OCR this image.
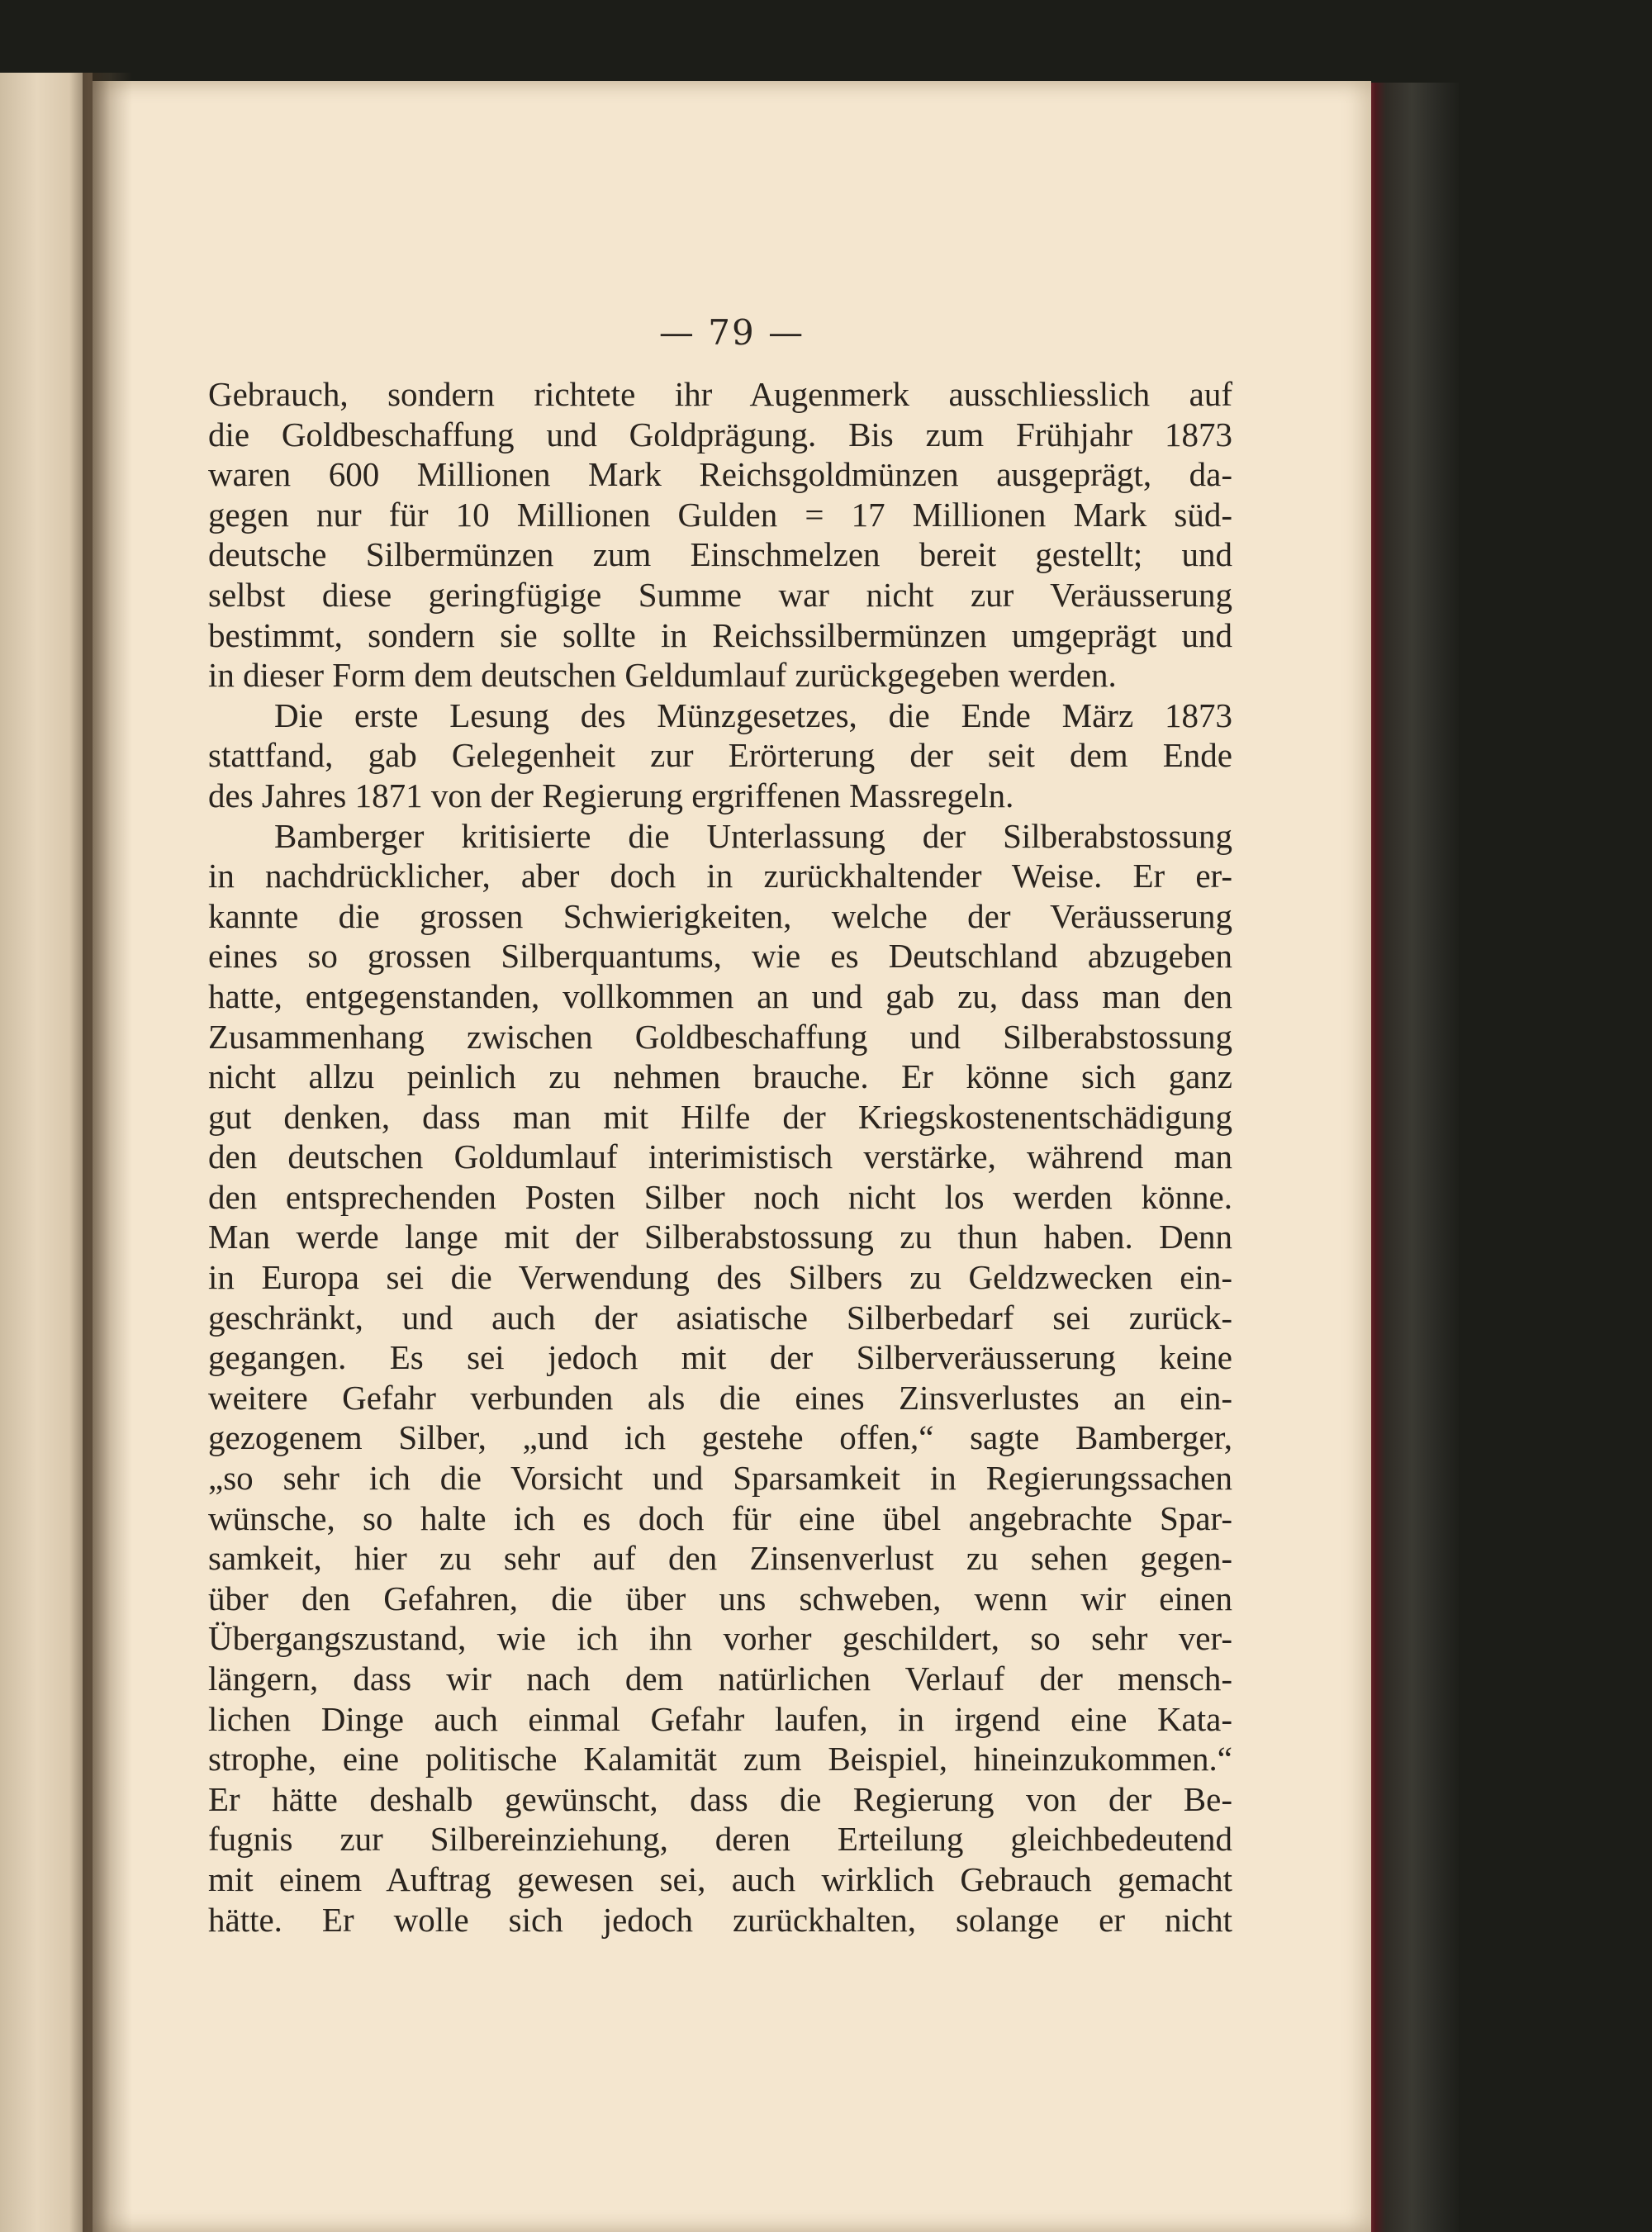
— 79 —
Gebrauch, sondern richtete ihr Augenmerk ausschliesslich auf
die Goldbeschaffung und Goldprägung. Bis zum Frühjahr 1873
waren 600 Millionen Mark Reichsgoldmünzen ausgeprägt, da-
gegen nur für 10 Millionen Gulden = 17 Millionen Mark süd-
deutsche Silbermünzen zum Einschmelzen bereit gestellt; und
selbst diese geringfügige Summe war nicht zur Veräusserung
bestimmt, sondern sie sollte in Reichssilbermünzen umgeprägt und
in dieser Form dem deutschen Geldumlauf zurückgegeben werden.
Die erste Lesung des Münzgesetzes, die Ende März 1873
stattfand, gab Gelegenheit zur Erörterung der seit dem Ende
des Jahres 1871 von der Regierung ergriffenen Massregeln.
Bamberger kritisierte die Unterlassung der Silberabstossung
in nachdrücklicher, aber doch in zurückhaltender Weise. Er er-
kannte die grossen Schwierigkeiten, welche der Veräusserung
eines so grossen Silberquantums, wie es Deutschland abzugeben
hatte, entgegenstanden, vollkommen an und gab zu, dass man den
Zusammenhang zwischen Goldbeschaffung und Silberabstossung
nicht allzu peinlich zu nehmen brauche. Er könne sich ganz
gut denken, dass man mit Hilfe der Kriegskostenentschädigung
den deutschen Goldumlauf interimistisch verstärke, während man
den entsprechenden Posten Silber noch nicht los werden könne.
Man werde lange mit der Silberabstossung zu thun haben. Denn
in Europa sei die Verwendung des Silbers zu Geldzwecken ein-
geschränkt, und auch der asiatische Silberbedarf sei zurück-
gegangen. Es sei jedoch mit der Silberveräusserung keine
weitere Gefahr verbunden als die eines Zinsverlustes an ein-
gezogenem Silber, „und ich gestehe offen,“ sagte Bamberger,
„so sehr ich die Vorsicht und Sparsamkeit in Regierungssachen
wünsche, so halte ich es doch für eine übel angebrachte Spar-
samkeit, hier zu sehr auf den Zinsenverlust zu sehen gegen-
über den Gefahren, die über uns schweben, wenn wir einen
Übergangszustand, wie ich ihn vorher geschildert, so sehr ver-
längern, dass wir nach dem natürlichen Verlauf der mensch-
lichen Dinge auch einmal Gefahr laufen, in irgend eine Kata-
strophe, eine politische Kalamität zum Beispiel, hineinzukommen.“
Er hätte deshalb gewünscht, dass die Regierung von der Be-
fugnis zur Silbereinziehung, deren Erteilung gleichbedeutend
mit einem Auftrag gewesen sei, auch wirklich Gebrauch gemacht
hätte. Er wolle sich jedoch zurückhalten, solange er nicht
